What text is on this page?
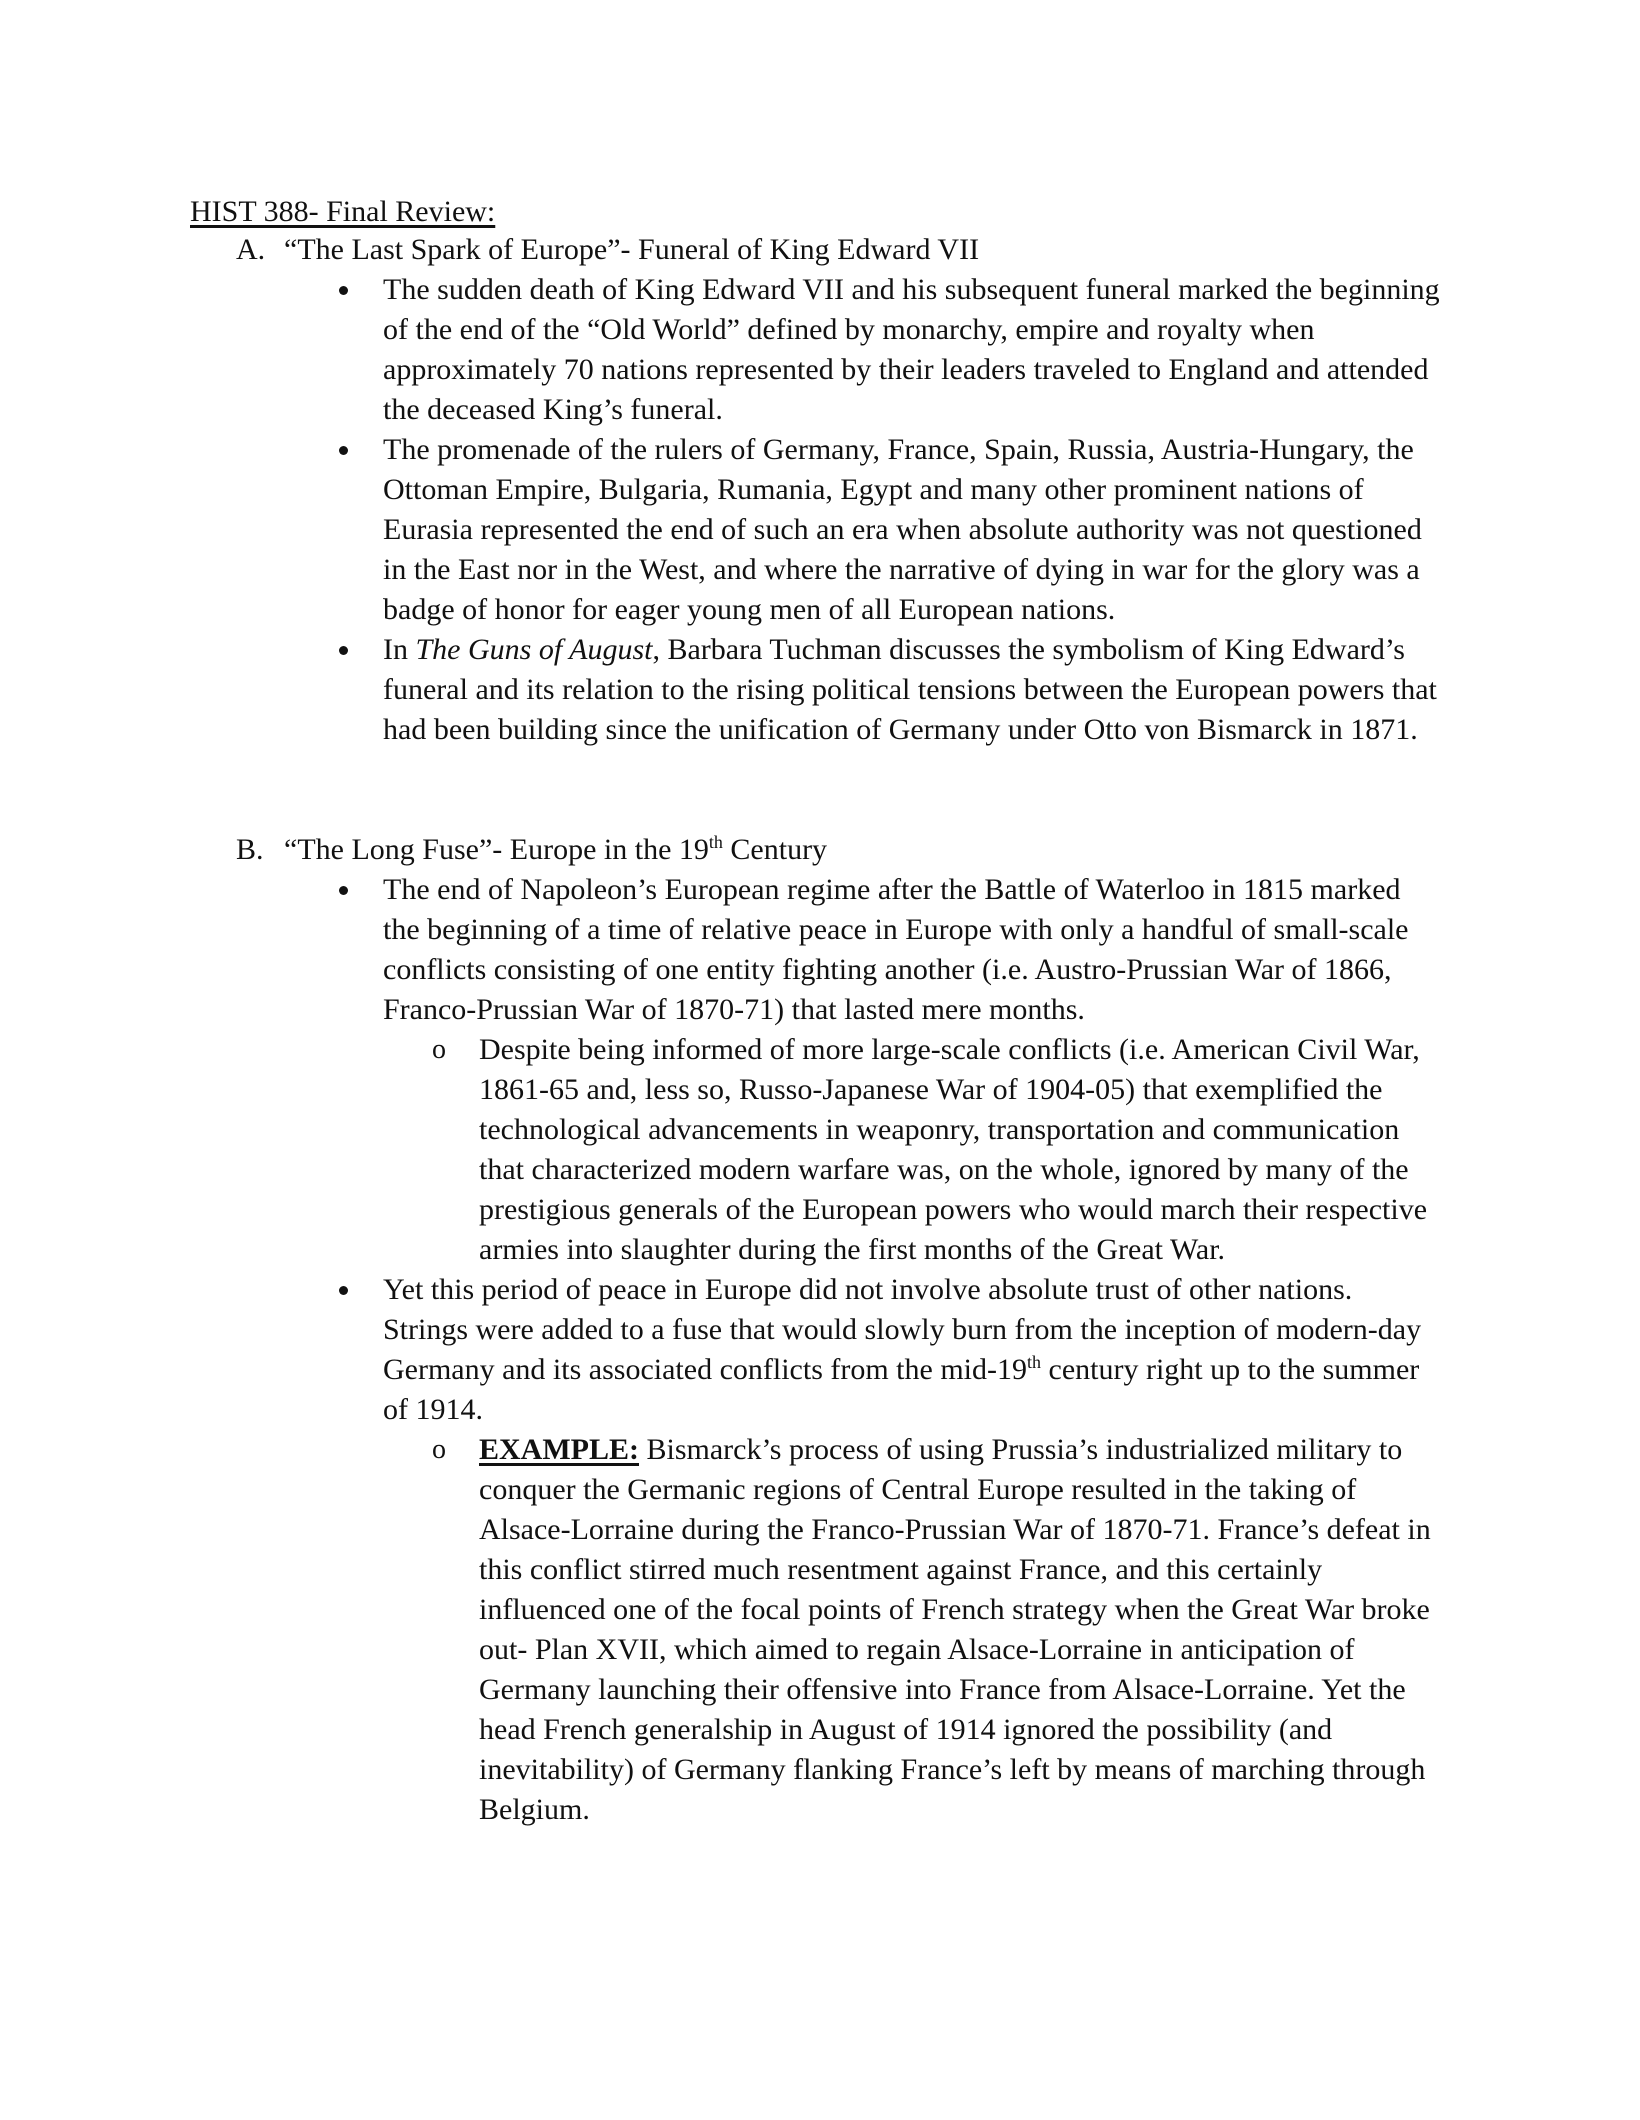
HIST 388- Final Review:
A. “The Last Spark of Europe”- Funeral of King Edward VII
The sudden death of King Edward VII and his subsequent funeral marked the beginning of the end of the “Old World” defined by monarchy, empire and royalty when approximately 70 nations represented by their leaders traveled to England and attended the deceased King’s funeral.
The promenade of the rulers of Germany, France, Spain, Russia, Austria-Hungary, the Ottoman Empire, Bulgaria, Rumania, Egypt and many other prominent nations of Eurasia represented the end of such an era when absolute authority was not questioned in the East nor in the West, and where the narrative of dying in war for the glory was a badge of honor for eager young men of all European nations.
In The Guns of August, Barbara Tuchman discusses the symbolism of King Edward’s funeral and its relation to the rising political tensions between the European powers that had been building since the unification of Germany under Otto von Bismarck in 1871.
B. “The Long Fuse”- Europe in the 19th Century
The end of Napoleon’s European regime after the Battle of Waterloo in 1815 marked the beginning of a time of relative peace in Europe with only a handful of small-scale conflicts consisting of one entity fighting another (i.e. Austro-Prussian War of 1866, Franco-Prussian War of 1870-71) that lasted mere months.
o Despite being informed of more large-scale conflicts (i.e. American Civil War, 1861-65 and, less so, Russo-Japanese War of 1904-05) that exemplified the technological advancements in weaponry, transportation and communication that characterized modern warfare was, on the whole, ignored by many of the prestigious generals of the European powers who would march their respective armies into slaughter during the first months of the Great War.
Yet this period of peace in Europe did not involve absolute trust of other nations. Strings were added to a fuse that would slowly burn from the inception of modern-day Germany and its associated conflicts from the mid-19th century right up to the summer of 1914.
o EXAMPLE: Bismarck’s process of using Prussia’s industrialized military to conquer the Germanic regions of Central Europe resulted in the taking of Alsace-Lorraine during the Franco-Prussian War of 1870-71. France’s defeat in this conflict stirred much resentment against France, and this certainly influenced one of the focal points of French strategy when the Great War broke out- Plan XVII, which aimed to regain Alsace-Lorraine in anticipation of Germany launching their offensive into France from Alsace-Lorraine. Yet the head French generalship in August of 1914 ignored the possibility (and inevitability) of Germany flanking France’s left by means of marching through Belgium.
